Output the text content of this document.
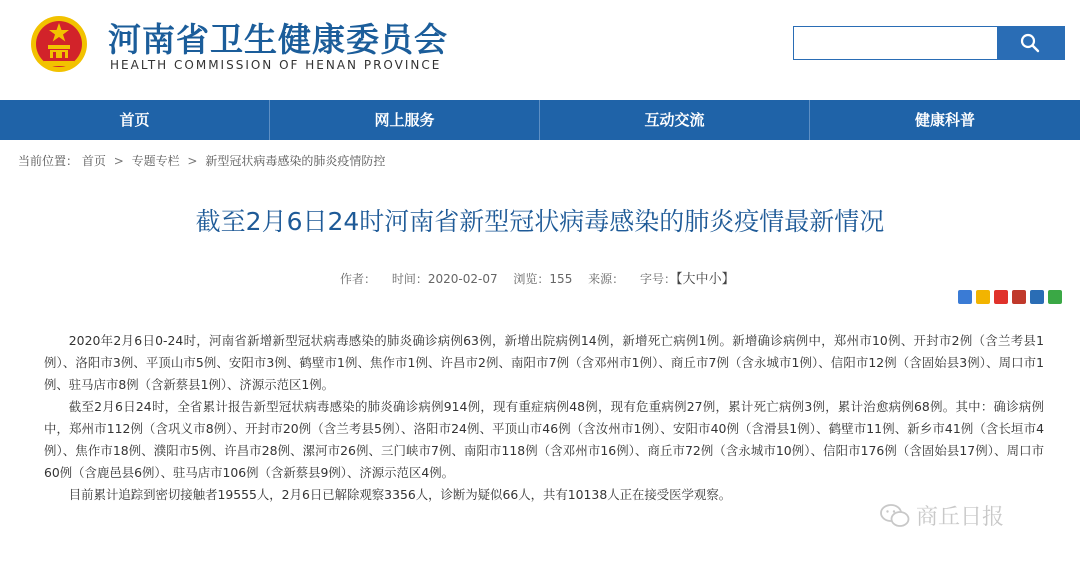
河南省卫生健康委员会
HEALTH COMMISSION OF HENAN PROVINCE
首页	网上服务	互动交流	健康科普
当前位置： 首页 > 专题专栏 > 新型冠状病毒感染的肺炎疫情防控
截至2月6日24时河南省新型冠状病毒感染的肺炎疫情最新情况
作者： 时间：2020-02-07 浏览：155 来源： 字号：【大中小】

2020年2月6日0-24时，河南省新增新型冠状病毒感染的肺炎确诊病例63例，新增出院病例14例，新增死亡病例1例。新增确诊病例中，郑州市10例、开封市2例（含兰考县1例）、洛阳市3例、平顶山市5例、安阳市3例、鹤壁市1例、焦作市1例、许昌市2例、南阳市7例（含邓州市1例）、商丘市7例（含永城市1例）、信阳市12例（含固始县3例）、周口市1例、驻马店市8例（含新蔡县1例）、济源示范区1例。

截至2月6日24时，全省累计报告新型冠状病毒感染的肺炎确诊病例914例，现有重症病例48例，现有危重病例27例，累计死亡病例3例，累计治愈病例68例。其中：确诊病例中，郑州市112例（含巩义市8例）、开封市20例（含兰考县5例）、洛阳市24例、平顶山市46例（含汝州市1例）、安阳市40例（含滑县1例）、鹤壁市11例、新乡市41例（含长垣市4例）、焦作市18例、濮阳市5例、许昌市28例、漯河市26例、三门峡市7例、南阳市118例（含邓州市16例）、商丘市72例（含永城市10例）、信阳市176例（含固始县17例）、周口市60例（含鹿邑县6例）、驻马店市106例（含新蔡县9例）、济源示范区4例。

目前累计追踪到密切接触者19555人，2月6日已解除观察3356人，诊断为疑似66人，共有10138人正在接受医学观察。

商丘日报
